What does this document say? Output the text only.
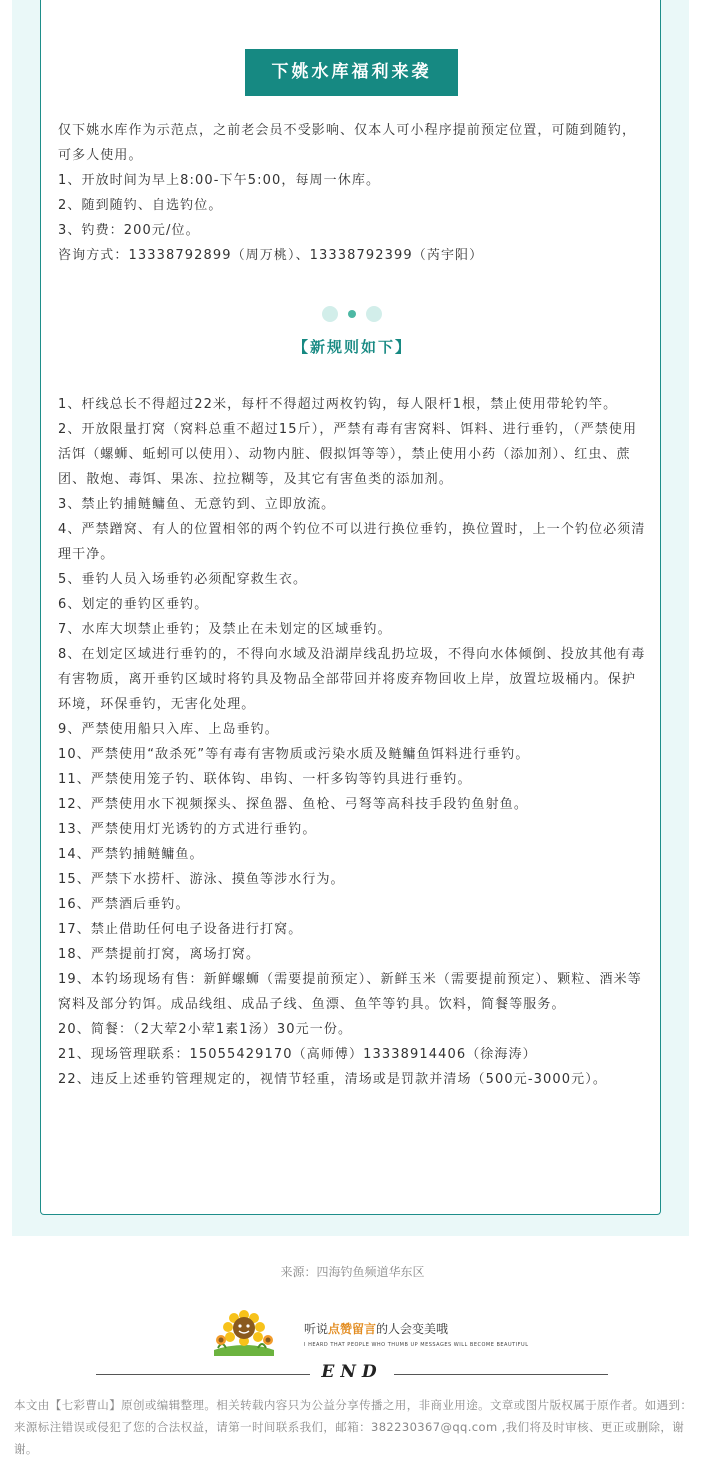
下姚水库福利来袭
仅下姚水库作为示范点，之前老会员不受影响、仅本人可小程序提前预定位置，可随到随钓，可多人使用。
1、开放时间为早上8:00-下午5:00，每周一休库。
2、随到随钓、自选钓位。
3、钓费：200元/位。
咨询方式：13338792899（周万桃）、13338792399（芮宇阳）
【新规则如下】
1、杆线总长不得超过22米，每杆不得超过两枚钓钩，每人限杆1根，禁止使用带轮钓竿。
2、开放限量打窝（窝料总重不超过15斤），严禁有毒有害窝料、饵料、进行垂钓，（严禁使用活饵（螺蛳、蚯蚓可以使用）、动物内脏、假拟饵等等），禁止使用小药（添加剂）、红虫、蔗团、散炮、毒饵、果冻、拉拉糊等，及其它有害鱼类的添加剂。
3、禁止钓捕鲢鳙鱼、无意钓到、立即放流。
4、严禁蹭窝、有人的位置相邻的两个钓位不可以进行换位垂钓，换位置时，上一个钓位必须清理干净。
5、垂钓人员入场垂钓必须配穿救生衣。
6、划定的垂钓区垂钓。
7、水库大坝禁止垂钓；及禁止在未划定的区域垂钓。
8、在划定区域进行垂钓的，不得向水域及沿湖岸线乱扔垃圾，不得向水体倾倒、投放其他有毒有害物质，离开垂钓区域时将钓具及物品全部带回并将废弃物回收上岸，放置垃圾桶内。保护环境，环保垂钓，无害化处理。
9、严禁使用船只入库、上岛垂钓。
10、严禁使用“敌杀死”等有毒有害物质或污染水质及鲢鳙鱼饵料进行垂钓。
11、严禁使用笼子钓、联体钩、串钩、一杆多钩等钓具进行垂钓。
12、严禁使用水下视频探头、探鱼器、鱼枪、弓弩等高科技手段钓鱼射鱼。
13、严禁使用灯光诱钓的方式进行垂钓。
14、严禁钓捕鲢鳙鱼。
15、严禁下水捞杆、游泳、摸鱼等涉水行为。
16、严禁酒后垂钓。
17、禁止借助任何电子设备进行打窝。
18、严禁提前打窝，离场打窝。
19、本钓场现场有售：新鲜螺蛳（需要提前预定）、新鲜玉米（需要提前预定）、颗粒、酒米等窝料及部分钓饵。成品线组、成品子线、鱼漂、鱼竿等钓具。饮料，简餐等服务。
20、简餐：（2大荤2小荤1素1汤）30元一份。
21、现场管理联系：15055429170（高师傅）13338914406（徐海涛）
22、违反上述垂钓管理规定的，视情节轻重，清场或是罚款并清场（500元-3000元）。
来源：四海钓鱼频道华东区
听说点赞留言的人会变美哦
I HEARD THAT PEOPLE WHO THUMB UP MESSAGES WILL BECOME BEAUTIFUL
END
本文由【七彩曹山】原创或编辑整理。相关转载内容只为公益分享传播之用，非商业用途。文章或图片版权属于原作者。如遇到：来源标注错误或侵犯了您的合法权益，请第一时间联系我们，邮箱：382230367@qq.com ,我们将及时审核、更正或删除，谢谢。
